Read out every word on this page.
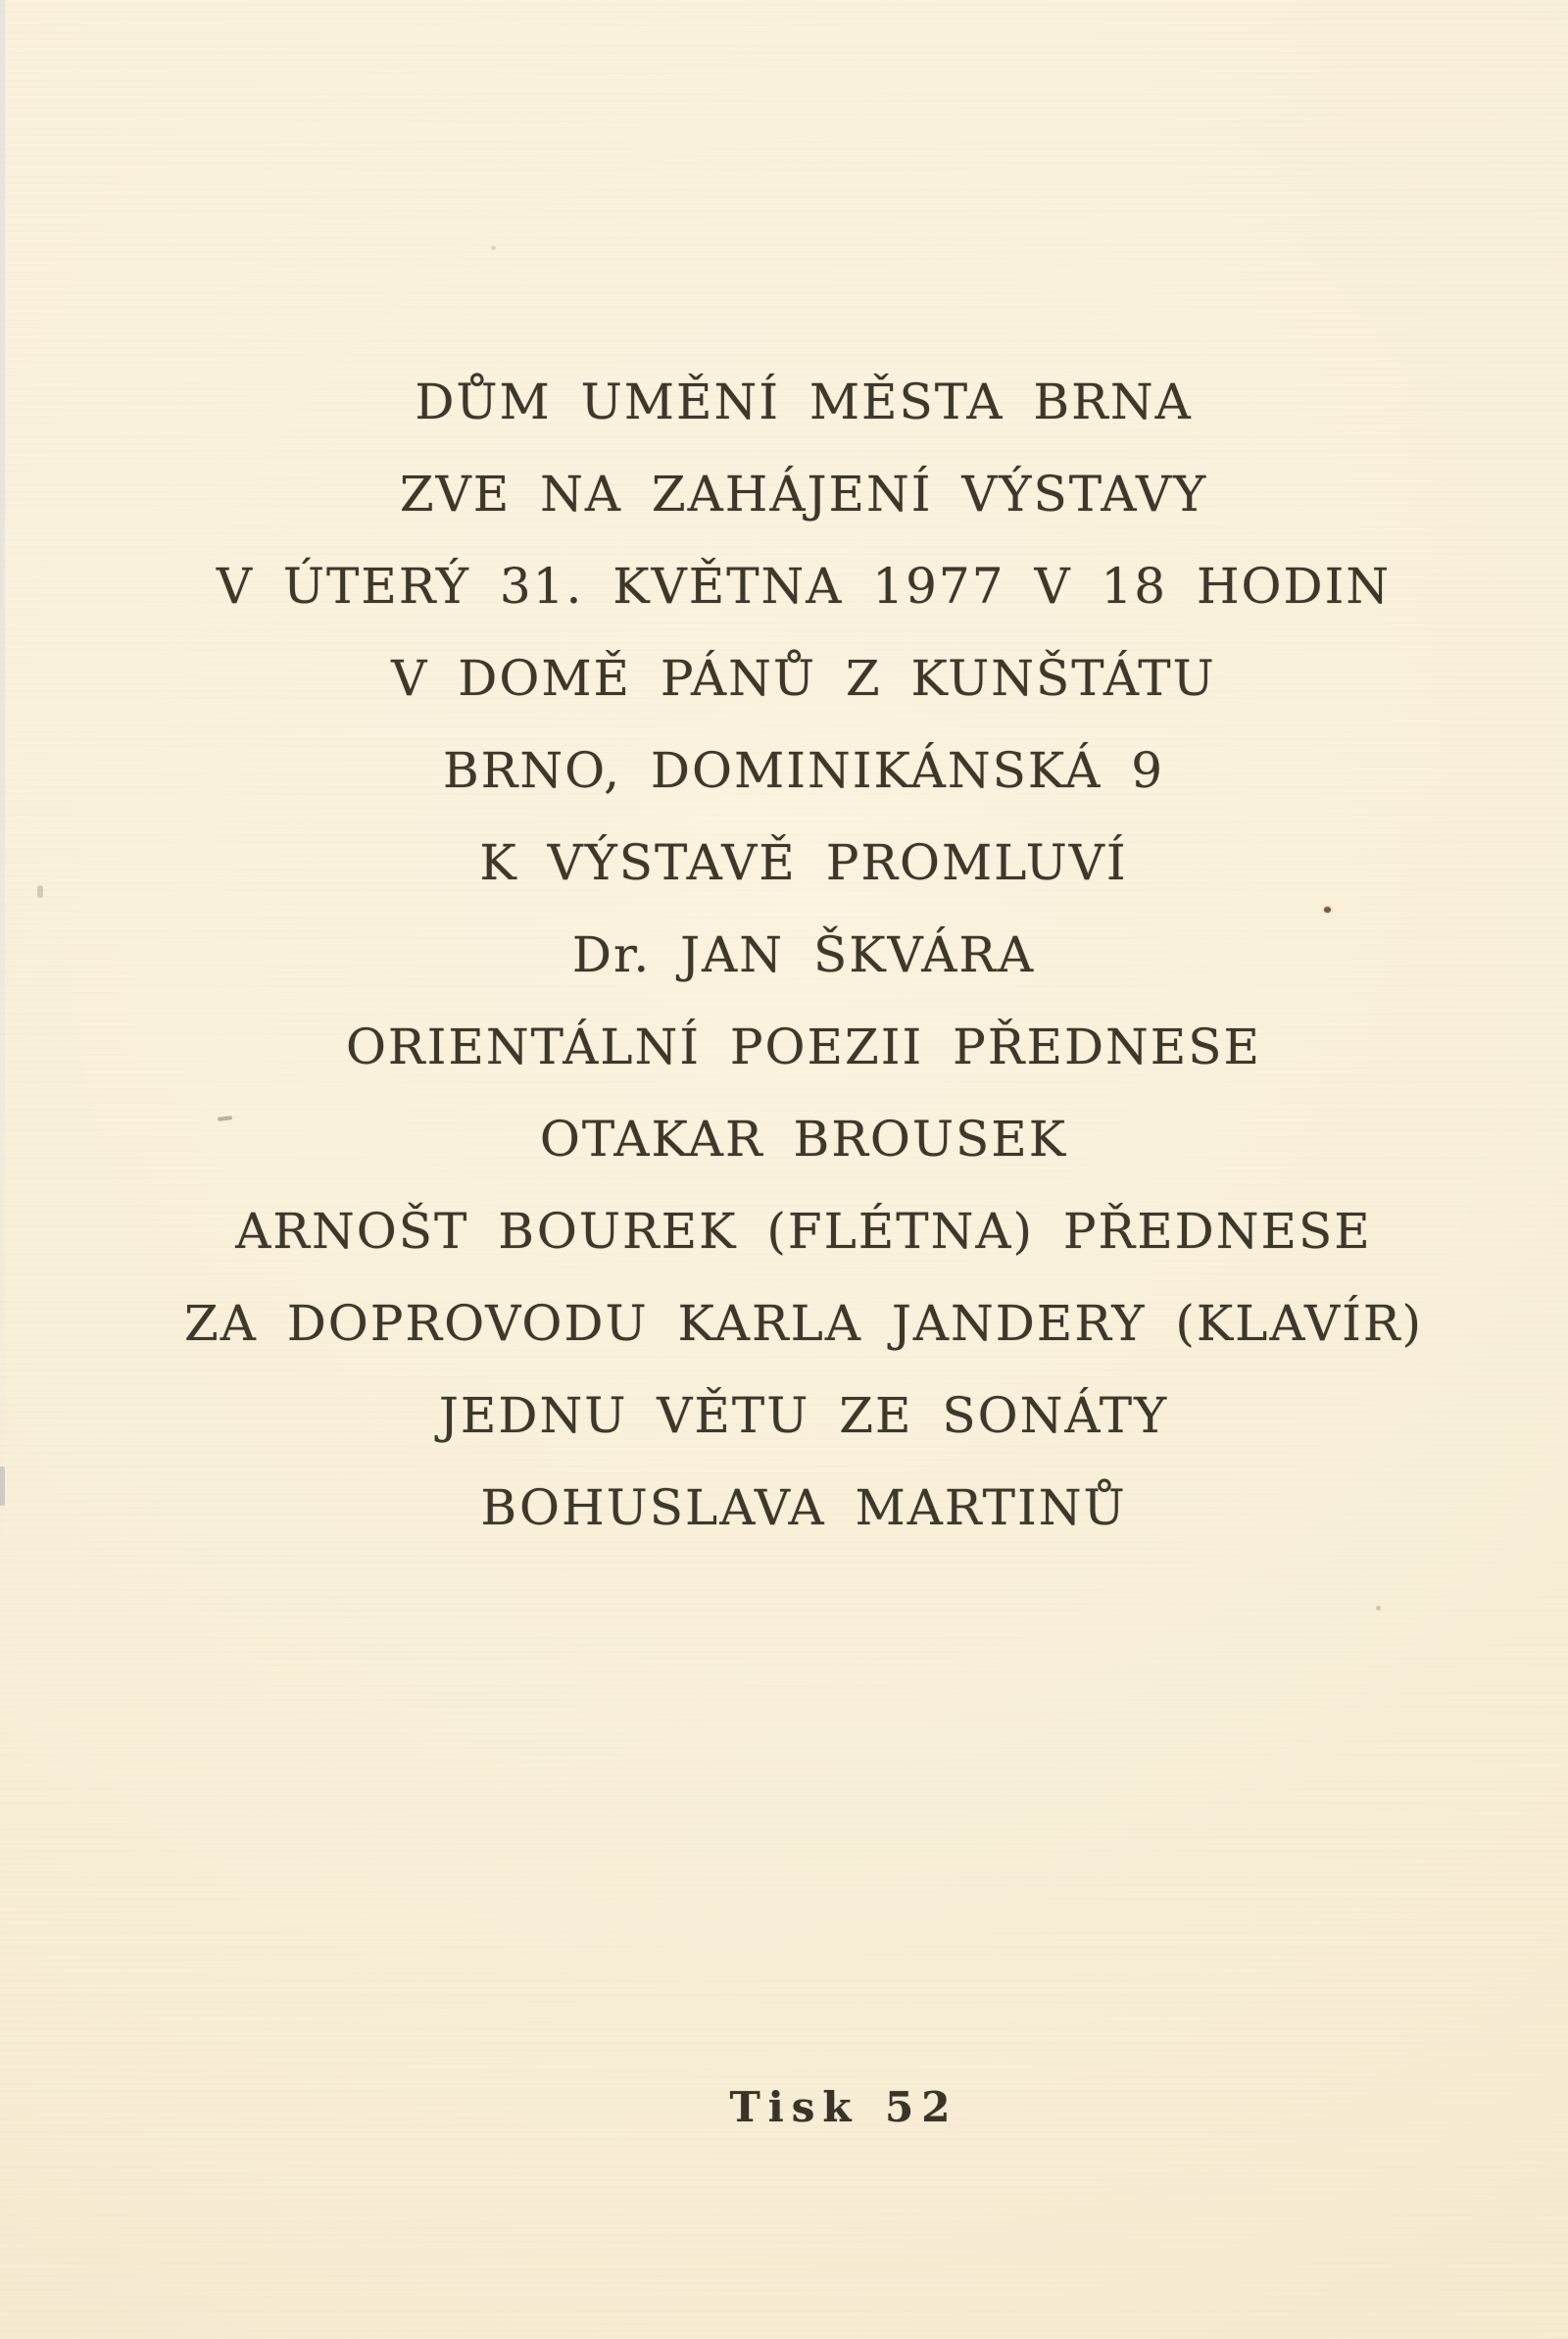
DŮM UMĚNÍ MĚSTA BRNA
ZVE NA ZAHÁJENÍ VÝSTAVY
V ÚTERÝ 31. KVĚTNA 1977 V 18 HODIN
V DOMĚ PÁNŮ Z KUNŠTÁTU
BRNO, DOMINIKÁNSKÁ 9
K VÝSTAVĚ PROMLUVÍ
Dr. JAN ŠKVÁRA
ORIENTÁLNÍ POEZII PŘEDNESE
OTAKAR BROUSEK
ARNOŠT BOUREK (FLÉTNA) PŘEDNESE
ZA DOPROVODU KARLA JANDERY (KLAVÍR)
JEDNU VĚTU ZE SONÁTY
BOHUSLAVA MARTINŮ
Tisk 52
